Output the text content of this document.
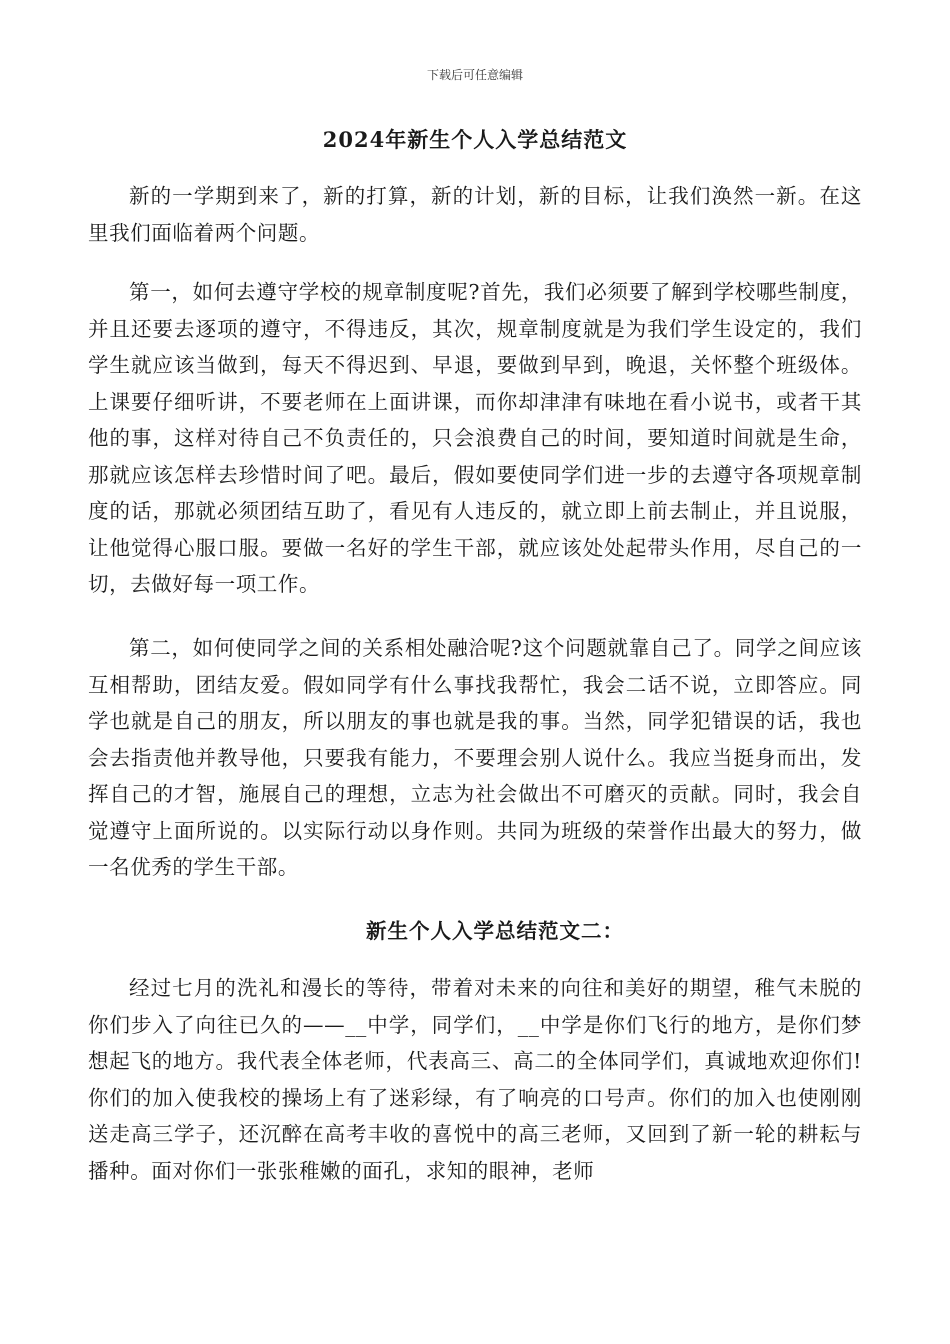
下载后可任意编辑
2024年新生个人入学总结范文

新的一学期到来了，新的打算，新的计划，新的目标，让我们涣然一新。在这里我们面临着两个问题。

第一，如何去遵守学校的规章制度呢?首先，我们必须要了解到学校哪些制度，并且还要去逐项的遵守，不得违反，其次，规章制度就是为我们学生设定的，我们学生就应该当做到，每天不得迟到、早退，要做到早到，晚退，关怀整个班级体。上课要仔细听讲，不要老师在上面讲课，而你却津津有味地在看小说书，或者干其他的事，这样对待自己不负责任的，只会浪费自己的时间，要知道时间就是生命，那就应该怎样去珍惜时间了吧。最后，假如要使同学们进一步的去遵守各项规章制度的话，那就必须团结互助了，看见有人违反的，就立即上前去制止，并且说服，让他觉得心服口服。要做一名好的学生干部，就应该处处起带头作用，尽自己的一切，去做好每一项工作。

第二，如何使同学之间的关系相处融洽呢?这个问题就靠自己了。同学之间应该互相帮助，团结友爱。假如同学有什么事找我帮忙，我会二话不说，立即答应。同学也就是自己的朋友，所以朋友的事也就是我的事。当然，同学犯错误的话，我也会去指责他并教导他，只要我有能力，不要理会别人说什么。我应当挺身而出，发挥自己的才智，施展自己的理想，立志为社会做出不可磨灭的贡献。同时，我会自觉遵守上面所说的。以实际行动以身作则。共同为班级的荣誉作出最大的努力，做一名优秀的学生干部。

新生个人入学总结范文二：

经过七月的洗礼和漫长的等待，带着对未来的向往和美好的期望，稚气未脱的你们步入了向往已久的——__中学，同学们，__中学是你们飞行的地方，是你们梦想起飞的地方。我代表全体老师，代表高三、高二的全体同学们，真诚地欢迎你们!你们的加入使我校的操场上有了迷彩绿，有了响亮的口号声。你们的加入也使刚刚送走高三学子，还沉醉在高考丰收的喜悦中的高三老师，又回到了新一轮的耕耘与播种。面对你们一张张稚嫩的面孔，求知的眼神，老师
